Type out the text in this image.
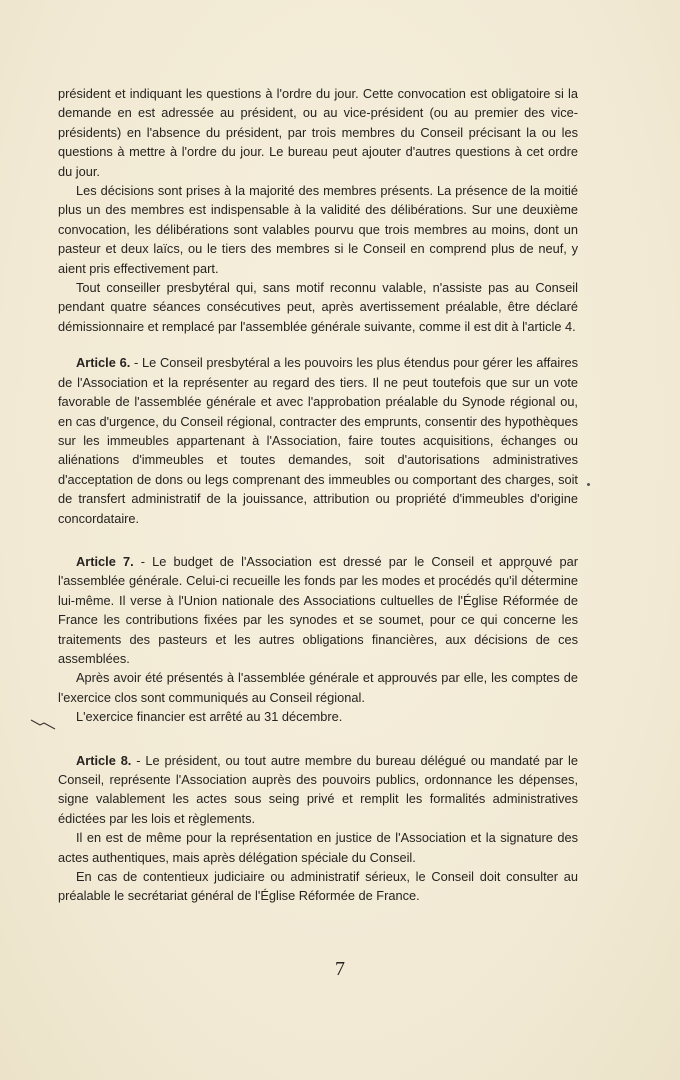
président et indiquant les questions à l'ordre du jour. Cette convocation est obligatoire si la demande en est adressée au président, ou au vice-président (ou au premier des vice-présidents) en l'absence du président, par trois membres du Conseil précisant la ou les questions à mettre à l'ordre du jour. Le bureau peut ajouter d'autres questions à cet ordre du jour.

Les décisions sont prises à la majorité des membres présents. La présence de la moitié plus un des membres est indispensable à la validité des délibérations. Sur une deuxième convocation, les délibérations sont valables pourvu que trois membres au moins, dont un pasteur et deux laïcs, ou le tiers des membres si le Conseil en comprend plus de neuf, y aient pris effectivement part.

Tout conseiller presbytéral qui, sans motif reconnu valable, n'assiste pas au Conseil pendant quatre séances consécutives peut, après avertissement préalable, être déclaré démissionnaire et remplacé par l'assemblée générale suivante, comme il est dit à l'article 4.

Article 6. - Le Conseil presbytéral a les pouvoirs les plus étendus pour gérer les affaires de l'Association et la représenter au regard des tiers. Il ne peut toutefois que sur un vote favorable de l'assemblée générale et avec l'approbation préalable du Synode régional ou, en cas d'urgence, du Conseil régional, contracter des emprunts, consentir des hypothèques sur les immeubles appartenant à l'Association, faire toutes acquisitions, échanges ou aliénations d'immeubles et toutes demandes, soit d'autorisations administratives d'acceptation de dons ou legs comprenant des immeubles ou comportant des charges, soit de transfert administratif de la jouissance, attribution ou propriété d'immeubles d'origine concordataire.

Article 7. - Le budget de l'Association est dressé par le Conseil et approuvé par l'assemblée générale. Celui-ci recueille les fonds par les modes et procédés qu'il détermine lui-même. Il verse à l'Union nationale des Associations cultuelles de l'Église Réformée de France les contributions fixées par les synodes et se soumet, pour ce qui concerne les traitements des pasteurs et les autres obligations financières, aux décisions de ces assemblées.

Après avoir été présentés à l'assemblée générale et approuvés par elle, les comptes de l'exercice clos sont communiqués au Conseil régional.

L'exercice financier est arrêté au 31 décembre.

Article 8. - Le président, ou tout autre membre du bureau délégué ou mandaté par le Conseil, représente l'Association auprès des pouvoirs publics, ordonnance les dépenses, signe valablement les actes sous seing privé et remplit les formalités administratives édictées par les lois et règlements.

Il en est de même pour la représentation en justice de l'Association et la signature des actes authentiques, mais après délégation spéciale du Conseil.

En cas de contentieux judiciaire ou administratif sérieux, le Conseil doit consulter au préalable le secrétariat général de l'Église Réformée de France.

7
